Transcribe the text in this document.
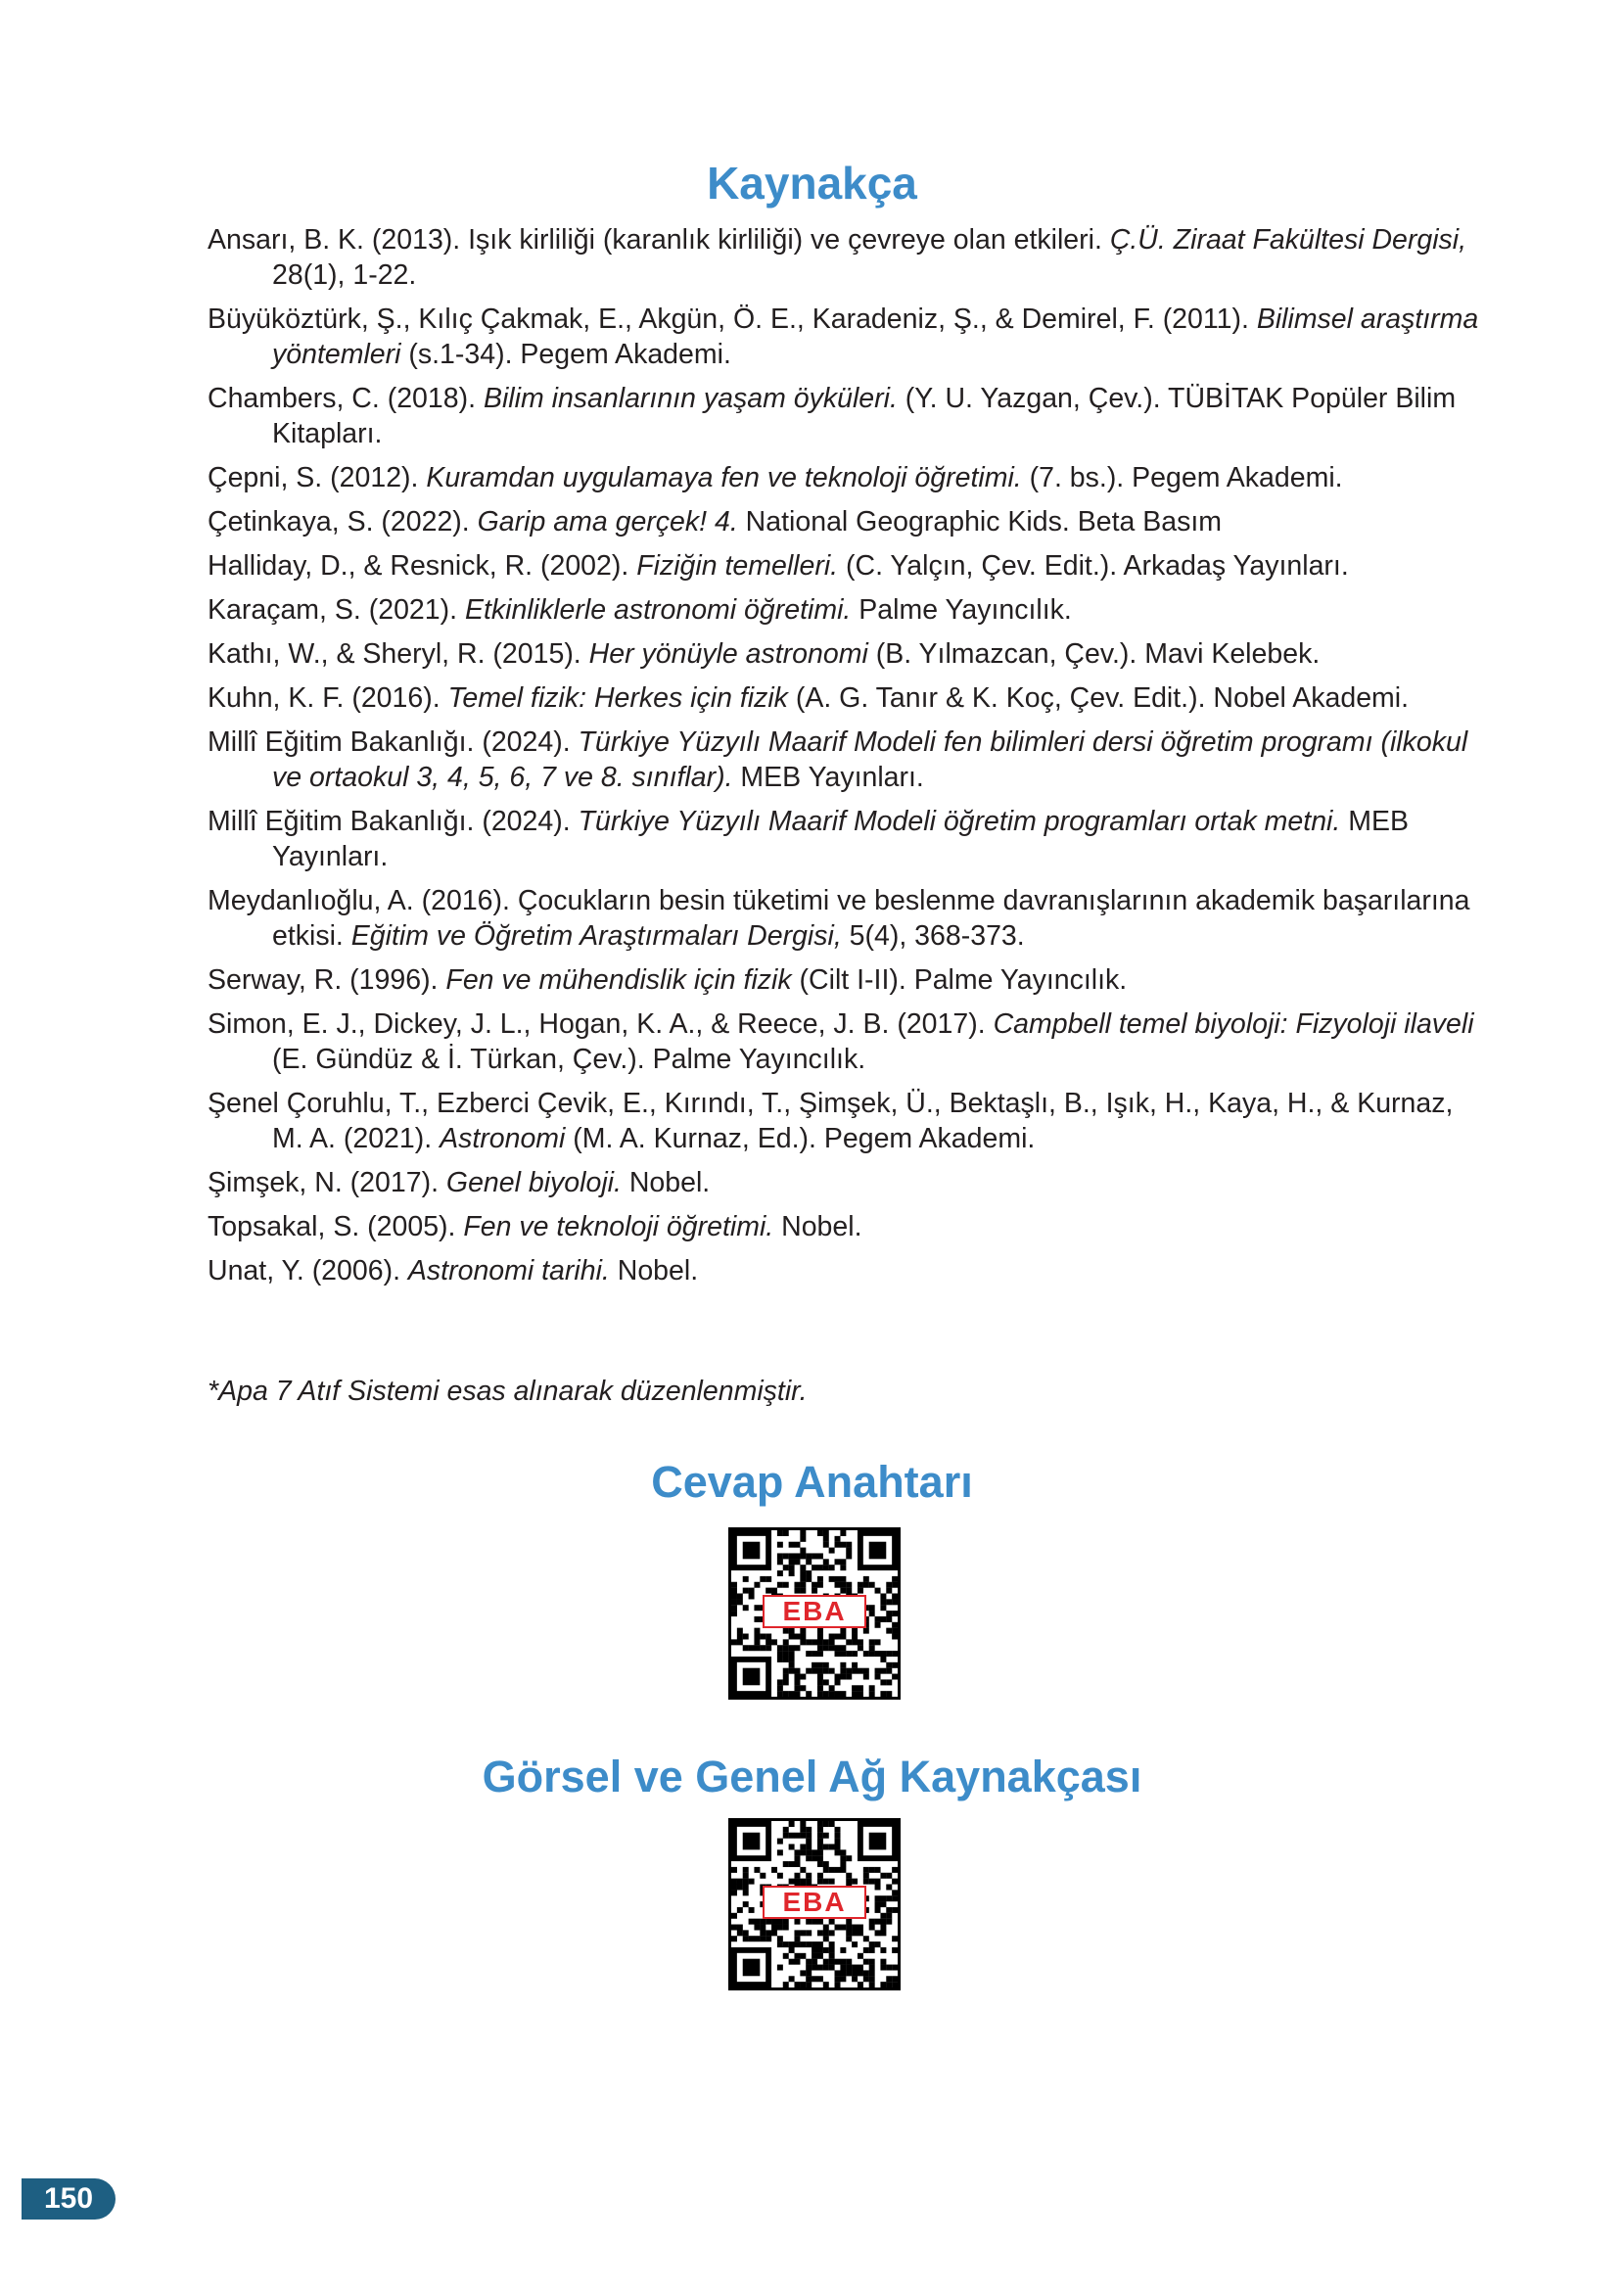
Kaynakça
Ansarı, B. K. (2013). Işık kirliliği (karanlık kirliliği) ve çevreye olan etkileri. Ç.Ü. Ziraat Fakültesi Dergisi, 28(1), 1-22.
Büyüköztürk, Ş., Kılıç Çakmak, E., Akgün, Ö. E., Karadeniz, Ş., & Demirel, F. (2011). Bilimsel araştırma yöntemleri (s.1-34). Pegem Akademi.
Chambers, C. (2018). Bilim insanlarının yaşam öyküleri. (Y. U. Yazgan, Çev.). TÜBİTAK Popüler Bilim Kitapları.
Çepni, S. (2012). Kuramdan uygulamaya fen ve teknoloji öğretimi. (7. bs.). Pegem Akademi.
Çetinkaya, S. (2022). Garip ama gerçek! 4. National Geographic Kids. Beta Basım
Halliday, D., & Resnick, R. (2002). Fiziğin temelleri. (C. Yalçın, Çev. Edit.). Arkadaş Yayınları.
Karaçam, S. (2021). Etkinliklerle astronomi öğretimi. Palme Yayıncılık.
Kathı, W., & Sheryl, R. (2015). Her yönüyle astronomi (B. Yılmazcan, Çev.). Mavi Kelebek.
Kuhn, K. F. (2016). Temel fizik: Herkes için fizik (A. G. Tanır & K. Koç, Çev. Edit.). Nobel Akademi.
Millî Eğitim Bakanlığı. (2024). Türkiye Yüzyılı Maarif Modeli fen bilimleri dersi öğretim programı (ilkokul ve ortaokul 3, 4, 5, 6, 7 ve 8. sınıflar). MEB Yayınları.
Millî Eğitim Bakanlığı. (2024). Türkiye Yüzyılı Maarif Modeli öğretim programları ortak metni. MEB Yayınları.
Meydanlıoğlu, A. (2016). Çocukların besin tüketimi ve beslenme davranışlarının akademik başarılarına etkisi. Eğitim ve Öğretim Araştırmaları Dergisi, 5(4), 368-373.
Serway, R. (1996). Fen ve mühendislik için fizik (Cilt I-II). Palme Yayıncılık.
Simon, E. J., Dickey, J. L., Hogan, K. A., & Reece, J. B. (2017). Campbell temel biyoloji: Fizyoloji ilaveli (E. Gündüz & İ. Türkan, Çev.). Palme Yayıncılık.
Şenel Çoruhlu, T., Ezberci Çevik, E., Kırındı, T., Şimşek, Ü., Bektaşlı, B., Işık, H., Kaya, H., & Kurnaz, M. A. (2021). Astronomi (M. A. Kurnaz, Ed.). Pegem Akademi.
Şimşek, N. (2017). Genel biyoloji. Nobel.
Topsakal, S. (2005). Fen ve teknoloji öğretimi. Nobel.
Unat, Y. (2006). Astronomi tarihi. Nobel.

*Apa 7 Atıf Sistemi esas alınarak düzenlenmiştir.

Cevap Anahtarı
EBA
Görsel ve Genel Ağ Kaynakçası
EBA
150
